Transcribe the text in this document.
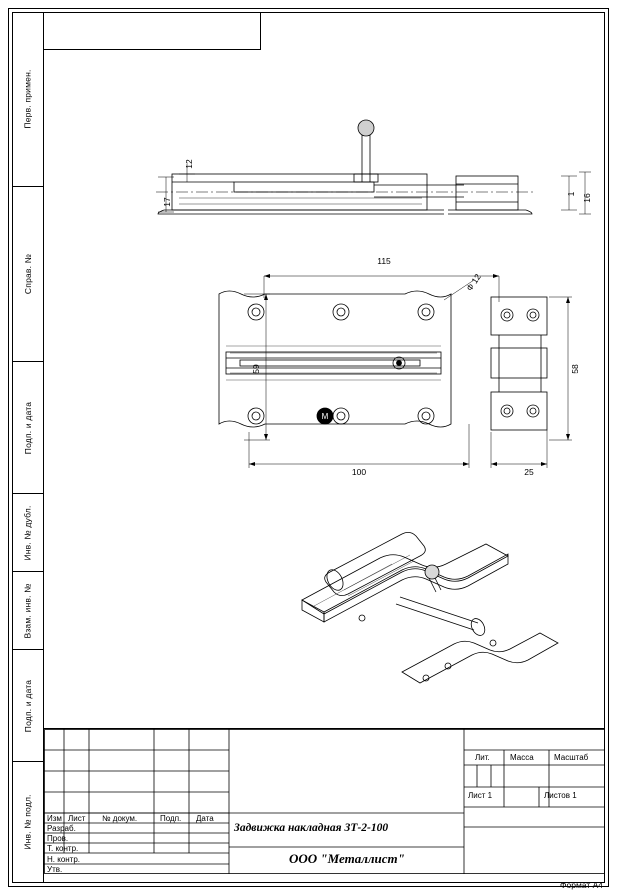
Перв. примен.
Справ. №
Подп. и дата
Инв. № дубл.
Взам. инв. №
Подп. и дата
Инв. № подл.
М
12
17
1 16
115
Ф 12
59	58
100	25
Изм Лист № докум.	Подп. Дата
Разраб.
Пров.
Т. контр.
Н. контр.
Утв.
Задвижка накладная ЗТ-2-100
ООО "Металлист"
Лит.	Масса	Масштаб
Лист 1	Листов 1
Формат А4
